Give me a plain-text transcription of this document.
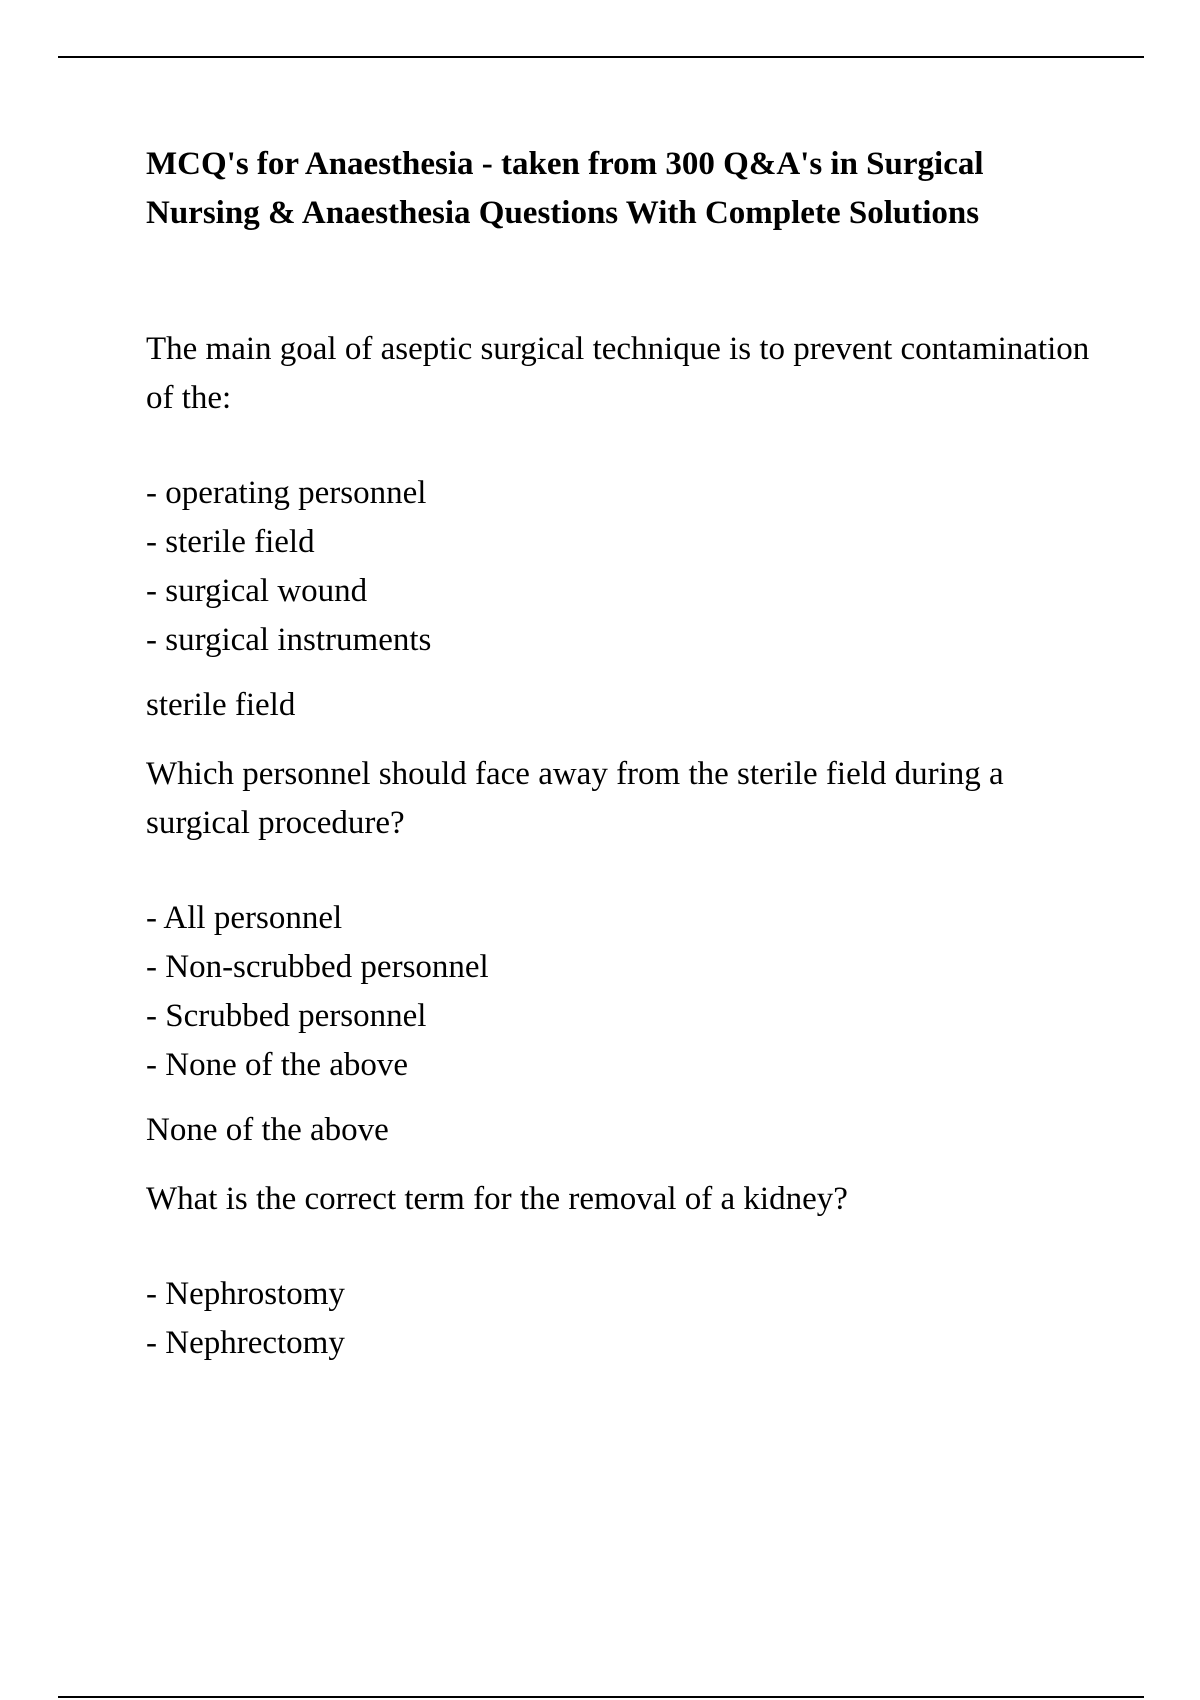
MCQ's for Anaesthesia - taken from 300 Q&A's in Surgical Nursing & Anaesthesia Questions With Complete Solutions

The main goal of aseptic surgical technique is to prevent contamination of the:

- operating personnel
- sterile field
- surgical wound
- surgical instruments

sterile field

Which personnel should face away from the sterile field during a surgical procedure?

- All personnel
- Non-scrubbed personnel
- Scrubbed personnel
- None of the above

None of the above

What is the correct term for the removal of a kidney?

- Nephrostomy
- Nephrectomy
